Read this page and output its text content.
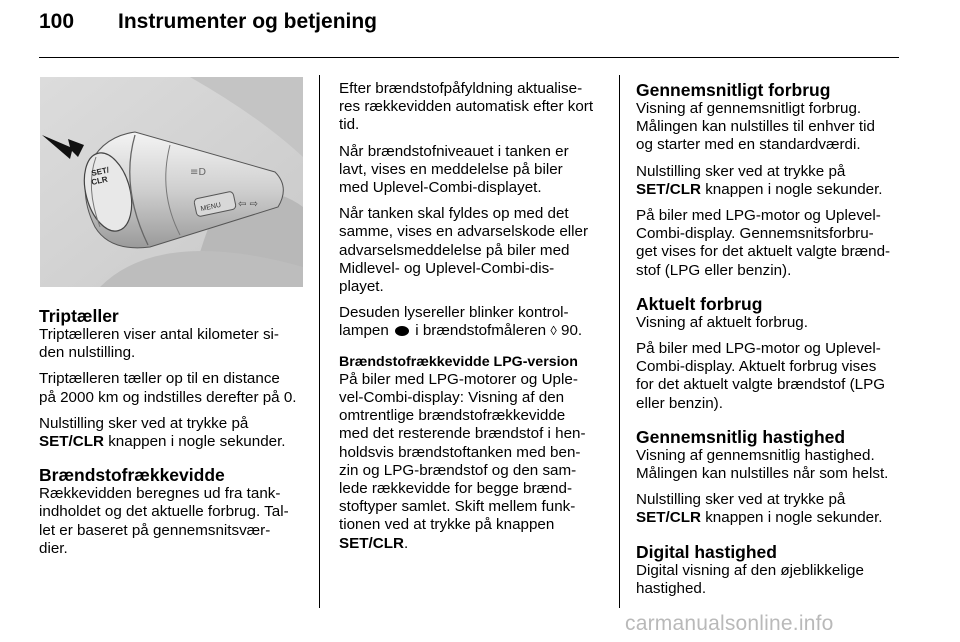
100 Instrumenter og betjening
SET/
CLR
MENU ⇦ ⇨
≡D
Triptæller

Triptælleren viser antal kilometer si-
den nulstilling.

Triptælleren tæller op til en distance
på 2000 km og indstilles derefter på 0.

Nulstilling sker ved at trykke på
SET/CLR knappen i nogle sekunder.

Brændstofrækkevidde

Rækkevidden beregnes ud fra tank-
indholdet og det aktuelle forbrug. Tal-
let er baseret på gennemsnitsvær-
dier.

Efter brændstofpåfyldning aktualise-
res rækkevidden automatisk efter kort
tid.

Når brændstofniveauet i tanken er
lavt, vises en meddelelse på biler
med Uplevel-Combi-displayet.

Når tanken skal fyldes op med det
samme, vises en advarselskode eller
advarselsmeddelelse på biler med
Midlevel- og Uplevel-Combi-dis-
playet.

Desuden lysereller blinker kontrol-
lampen  i brændstofmåleren ◊ 90.

Brændstofrækkevidde LPG-version

På biler med LPG-motorer og Uple-
vel-Combi-display: Visning af den
omtrentlige brændstofrækkevidde
med det resterende brændstof i hen-
holdsvis brændstoftanken med ben-
zin og LPG-brændstof og den sam-
lede rækkevidde for begge brænd-
stoftyper samlet. Skift mellem funk-
tionen ved at trykke på knappen
SET/CLR.

Gennemsnitligt forbrug

Visning af gennemsnitligt forbrug.
Målingen kan nulstilles til enhver tid
og starter med en standardværdi.

Nulstilling sker ved at trykke på
SET/CLR knappen i nogle sekunder.

På biler med LPG-motor og Uplevel-
Combi-display. Gennemsnitsforbru-
get vises for det aktuelt valgte brænd-
stof (LPG eller benzin).

Aktuelt forbrug

Visning af aktuelt forbrug.

På biler med LPG-motor og Uplevel-
Combi-display. Aktuelt forbrug vises
for det aktuelt valgte brændstof (LPG
eller benzin).

Gennemsnitlig hastighed

Visning af gennemsnitlig hastighed.
Målingen kan nulstilles når som helst.

Nulstilling sker ved at trykke på
SET/CLR knappen i nogle sekunder.

Digital hastighed

Digital visning af den øjeblikkelige
hastighed.

carmanualsonline.info
